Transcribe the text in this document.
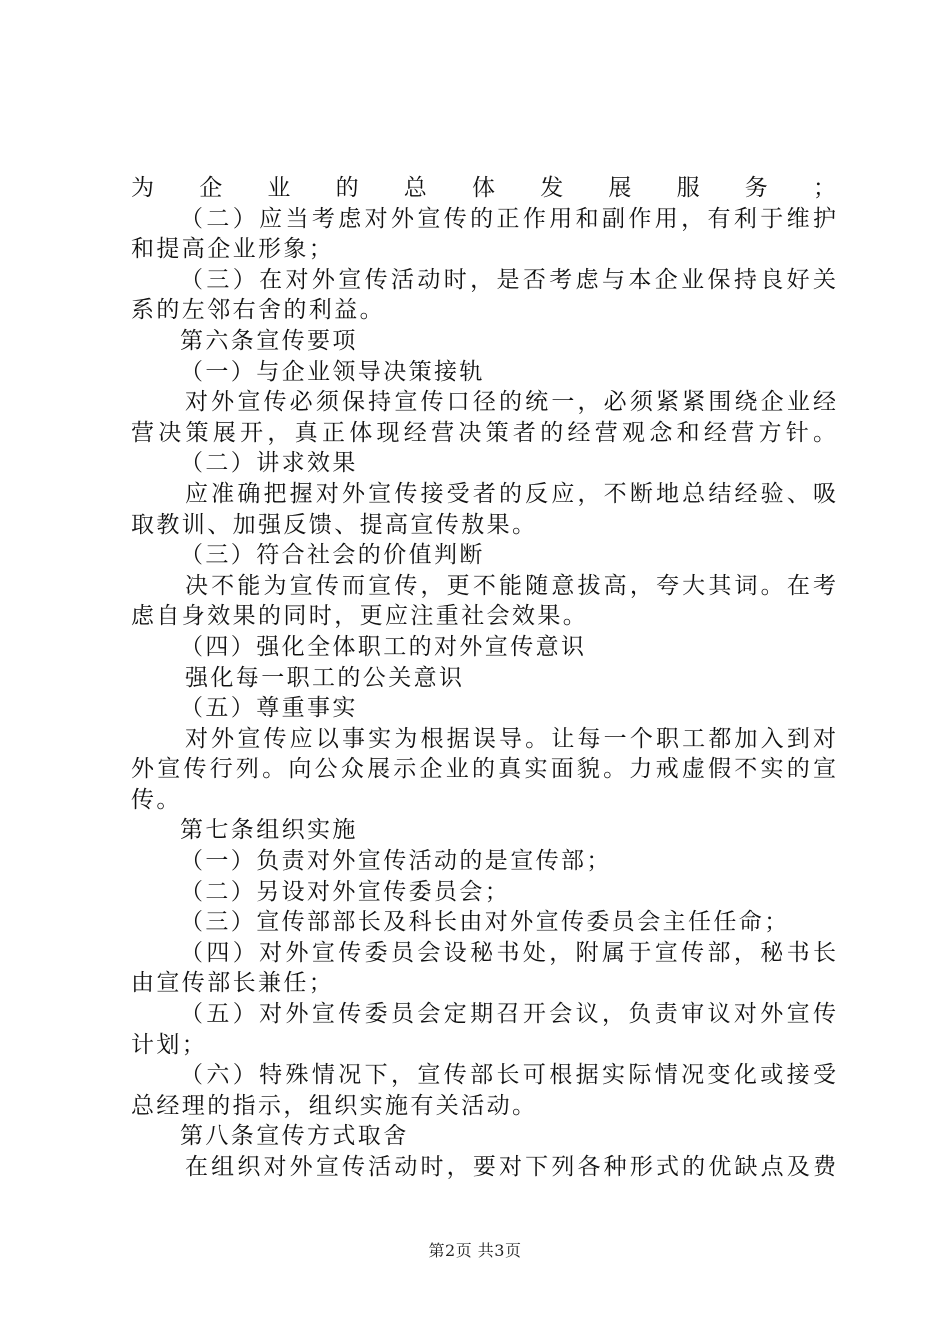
为企业的总体发展服务；
（二）应当考虑对外宣传的正作用和副作用，有利于维护
和提高企业形象；
（三）在对外宣传活动时，是否考虑与本企业保持良好关
系的左邻右舍的利益。
第六条宣传要项
（一）与企业领导决策接轨
对外宣传必须保持宣传口径的统一，必须紧紧围绕企业经
营决策展开，真正体现经营决策者的经营观念和经营方针。
（二）讲求效果
应准确把握对外宣传接受者的反应，不断地总结经验、吸
取教训、加强反馈、提高宣传敖果。
（三）符合社会的价值判断
决不能为宣传而宣传，更不能随意拔高，夸大其词。在考
虑自身效果的同时，更应注重社会效果。
（四）强化全体职工的对外宣传意识
强化每一职工的公关意识
（五）尊重事实
对外宣传应以事实为根据误导。让每一个职工都加入到对
外宣传行列。向公众展示企业的真实面貌。力戒虚假不实的宣
传。
第七条组织实施
（一）负责对外宣传活动的是宣传部；
（二）另设对外宣传委员会；
（三）宣传部部长及科长由对外宣传委员会主任任命；
（四）对外宣传委员会设秘书处，附属于宣传部，秘书长
由宣传部长兼任；
（五）对外宣传委员会定期召开会议，负责审议对外宣传
计划；
（六）特殊情况下，宣传部长可根据实际情况变化或接受
总经理的指示，组织实施有关活动。
第八条宣传方式取舍
在组织对外宣传活动时，要对下列各种形式的优缺点及费
第2页 共3页
